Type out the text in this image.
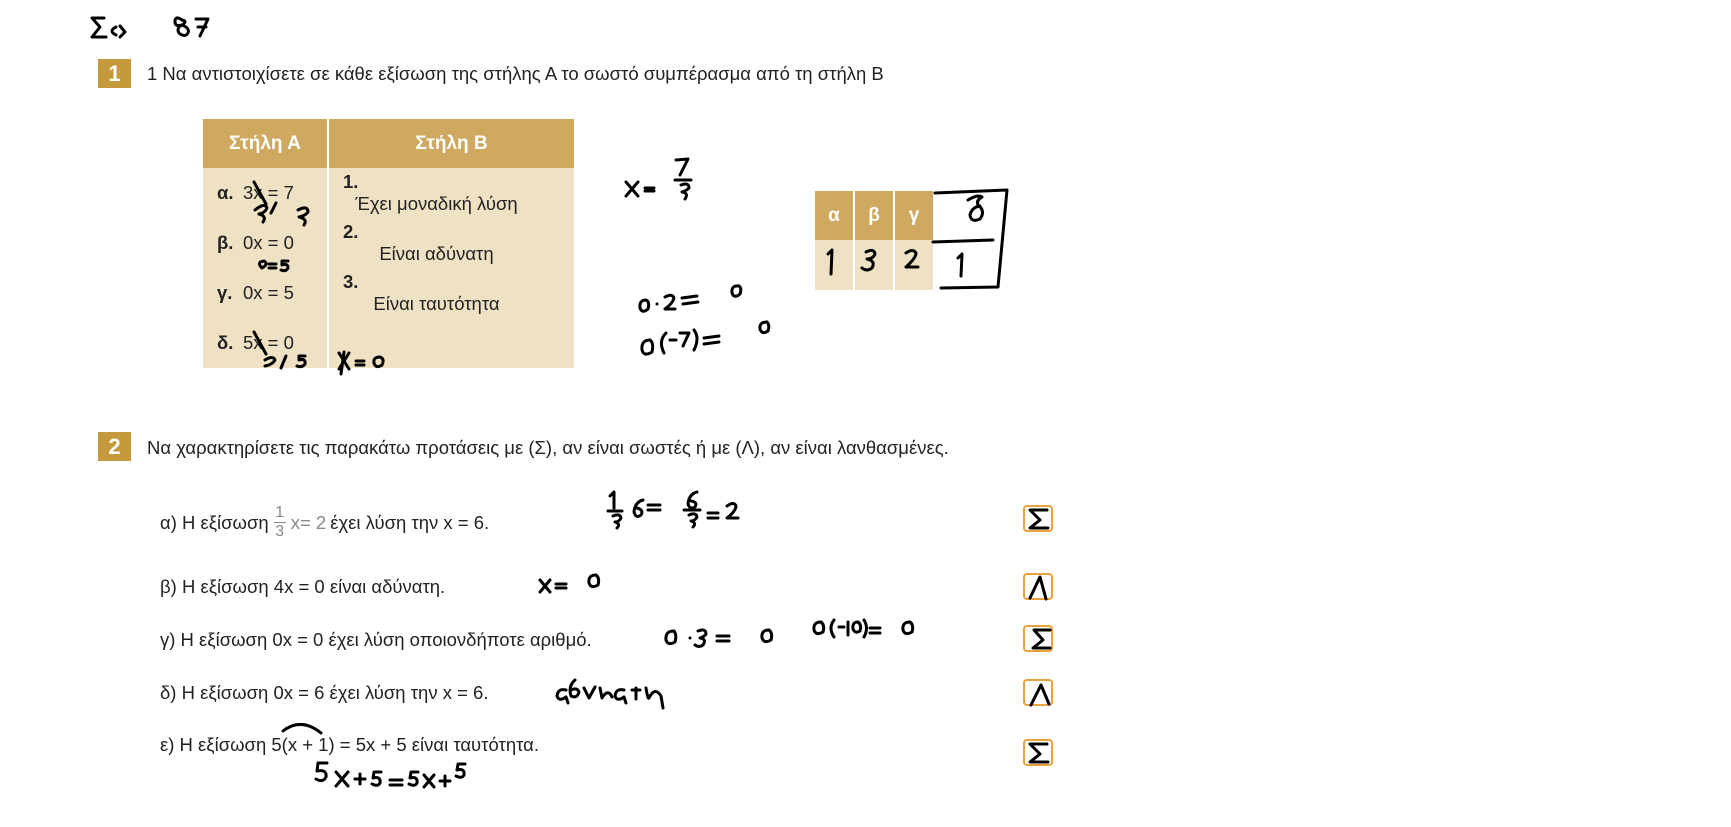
1	1 Να αντιστοιχίσετε σε κάθε εξίσωση της στήλης Α το σωστό συμπέρασμα από τη στήλη Β
Στήλη Α	Στήλη Β
α. 3x = 7	1.Έχει μοναδική λύση
β. 0x = 0	2.Είναι αδύνατη
γ. 0x = 5	3.Είναι ταυτότητα
δ. 5x = 0	
α	β	γ	

2	Να χαρακτηρίσετε τις παρακάτω προτάσεις με (Σ), αν είναι σωστές ή με (Λ), αν είναι λανθασμένες.
α) Η εξίσωση $\frac{1}{3} x= 2$ έχει λύση την x = 6.
β) Η εξίσωση 4x = 0 είναι αδύνατη.
γ) Η εξίσωση 0x = 0 έχει λύση οποιονδήποτε αριθμό.
δ) Η εξίσωση 0x = 6 έχει λύση την x = 6.
ε) Η εξίσωση 5(x + 1) = 5x + 5 είναι ταυτότητα.
